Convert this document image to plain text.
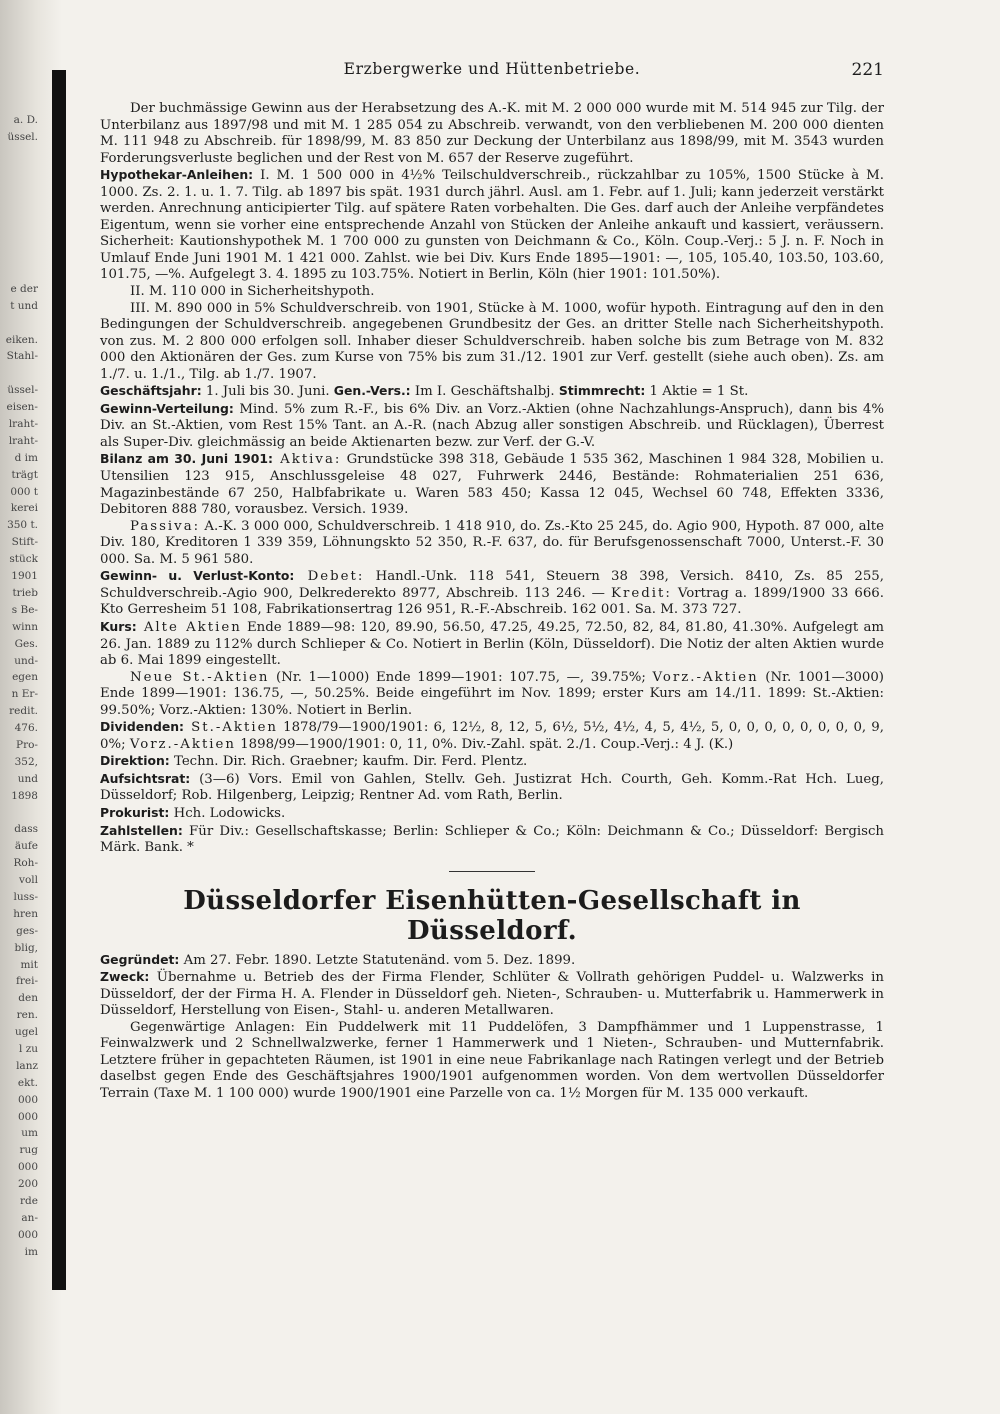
a. D.
üssel.
e der
t und
eiken.
Stahl-
üssel-
eisen-
lraht-
lraht-
d im
trägt
000 t
kerei
350 t.
Stift-
stück
1901
trieb
s Be-
winn
Ges.
und-
egen
n Er-
redit.
476.
Pro-
352,
und
1898
dass
äufe
Roh-
voll
luss-
hren
ges-
blig,
mit
frei-
den
ren.
ugel
l zu
lanz
ekt.
000
000
um
rug
000
200
rde
an-
000
im
Erzbergwerke und Hüttenbetriebe.	221

Der buchmässige Gewinn aus der Herabsetzung des A.-K. mit M. 2 000 000 wurde mit M. 514 945 zur Tilg. der Unterbilanz aus 1897/98 und mit M. 1 285 054 zu Abschreib. verwandt, von den verbliebenen M. 200 000 dienten M. 111 948 zu Abschreib. für 1898/99, M. 83 850 zur Deckung der Unterbilanz aus 1898/99, mit M. 3543 wurden Forderungsverluste beglichen und der Rest von M. 657 der Reserve zugeführt.

Hypothekar-Anleihen: I. M. 1 500 000 in 4½% Teilschuldverschreib., rückzahlbar zu 105%, 1500 Stücke à M. 1000. Zs. 2. 1. u. 1. 7. Tilg. ab 1897 bis spät. 1931 durch jährl. Ausl. am 1. Febr. auf 1. Juli; kann jederzeit verstärkt werden. Anrechnung anticipierter Tilg. auf spätere Raten vorbehalten. Die Ges. darf auch der Anleihe verpfändetes Eigentum, wenn sie vorher eine entsprechende Anzahl von Stücken der Anleihe ankauft und kassiert, veräussern. Sicherheit: Kautionshypothek M. 1 700 000 zu gunsten von Deichmann & Co., Köln. Coup.-Verj.: 5 J. n. F. Noch in Umlauf Ende Juni 1901 M. 1 421 000. Zahlst. wie bei Div. Kurs Ende 1895—1901: —, 105, 105.40, 103.50, 103.60, 101.75, —%. Aufgelegt 3. 4. 1895 zu 103.75%. Notiert in Berlin, Köln (hier 1901: 101.50%).

II. M. 110 000 in Sicherheitshypoth.

III. M. 890 000 in 5% Schuldverschreib. von 1901, Stücke à M. 1000, wofür hypoth. Eintragung auf den in den Bedingungen der Schuldverschreib. angegebenen Grundbesitz der Ges. an dritter Stelle nach Sicherheitshypoth. von zus. M. 2 800 000 erfolgen soll. Inhaber dieser Schuldverschreib. haben solche bis zum Betrage von M. 832 000 den Aktionären der Ges. zum Kurse von 75% bis zum 31./12. 1901 zur Verf. gestellt (siehe auch oben). Zs. am 1./7. u. 1./1., Tilg. ab 1./7. 1907.

Geschäftsjahr: 1. Juli bis 30. Juni. Gen.-Vers.: Im I. Geschäftshalbj. Stimmrecht: 1 Aktie = 1 St.

Gewinn-Verteilung: Mind. 5% zum R.-F., bis 6% Div. an Vorz.-Aktien (ohne Nachzahlungs-Anspruch), dann bis 4% Div. an St.-Aktien, vom Rest 15% Tant. an A.-R. (nach Abzug aller sonstigen Abschreib. und Rücklagen), Überrest als Super-Div. gleichmässig an beide Aktienarten bezw. zur Verf. der G.-V.

Bilanz am 30. Juni 1901: Aktiva: Grundstücke 398 318, Gebäude 1 535 362, Maschinen 1 984 328, Mobilien u. Utensilien 123 915, Anschlussgeleise 48 027, Fuhrwerk 2446, Bestände: Rohmaterialien 251 636, Magazinbestände 67 250, Halbfabrikate u. Waren 583 450; Kassa 12 045, Wechsel 60 748, Effekten 3336, Debitoren 888 780, vorausbez. Versich. 1939.

Passiva: A.-K. 3 000 000, Schuldverschreib. 1 418 910, do. Zs.-Kto 25 245, do. Agio 900, Hypoth. 87 000, alte Div. 180, Kreditoren 1 339 359, Löhnungskto 52 350, R.-F. 637, do. für Berufsgenossenschaft 7000, Unterst.-F. 30 000. Sa. M. 5 961 580.

Gewinn- u. Verlust-Konto: Debet: Handl.-Unk. 118 541, Steuern 38 398, Versich. 8410, Zs. 85 255, Schuldverschreib.-Agio 900, Delkrederekto 8977, Abschreib. 113 246. — Kredit: Vortrag a. 1899/1900 33 666. Kto Gerresheim 51 108, Fabrikationsertrag 126 951, R.-F.-Abschreib. 162 001. Sa. M. 373 727.

Kurs: Alte Aktien Ende 1889—98: 120, 89.90, 56.50, 47.25, 49.25, 72.50, 82, 84, 81.80, 41.30%. Aufgelegt am 26. Jan. 1889 zu 112% durch Schlieper & Co. Notiert in Berlin (Köln, Düsseldorf). Die Notiz der alten Aktien wurde ab 6. Mai 1899 eingestellt.

Neue St.-Aktien (Nr. 1—1000) Ende 1899—1901: 107.75, —, 39.75%; Vorz.-Aktien (Nr. 1001—3000) Ende 1899—1901: 136.75, —, 50.25%. Beide eingeführt im Nov. 1899; erster Kurs am 14./11. 1899: St.-Aktien: 99.50%; Vorz.-Aktien: 130%. Notiert in Berlin.

Dividenden: St.-Aktien 1878/79—1900/1901: 6, 12½, 8, 12, 5, 6½, 5½, 4½, 4, 5, 4½, 5, 0, 0, 0, 0, 0, 0, 0, 0, 9, 0%; Vorz.-Aktien 1898/99—1900/1901: 0, 11, 0%. Div.-Zahl. spät. 2./1. Coup.-Verj.: 4 J. (K.)

Direktion: Techn. Dir. Rich. Graebner; kaufm. Dir. Ferd. Plentz.

Aufsichtsrat: (3—6) Vors. Emil von Gahlen, Stellv. Geh. Justizrat Hch. Courth, Geh. Komm.-Rat Hch. Lueg, Düsseldorf; Rob. Hilgenberg, Leipzig; Rentner Ad. vom Rath, Berlin.

Prokurist: Hch. Lodowicks.

Zahlstellen: Für Div.: Gesellschaftskasse; Berlin: Schlieper & Co.; Köln: Deichmann & Co.; Düsseldorf: Bergisch Märk. Bank. *

Düsseldorfer Eisenhütten-Gesellschaft in Düsseldorf.

Gegründet: Am 27. Febr. 1890. Letzte Statutenänd. vom 5. Dez. 1899.

Zweck: Übernahme u. Betrieb des der Firma Flender, Schlüter & Vollrath gehörigen Puddel- u. Walzwerks in Düsseldorf, der der Firma H. A. Flender in Düsseldorf geh. Nieten-, Schrauben- u. Mutterfabrik u. Hammerwerk in Düsseldorf, Herstellung von Eisen-, Stahl- u. anderen Metallwaren.

Gegenwärtige Anlagen: Ein Puddelwerk mit 11 Puddelöfen, 3 Dampfhämmer und 1 Luppenstrasse, 1 Feinwalzwerk und 2 Schnellwalzwerke, ferner 1 Hammerwerk und 1 Nieten-, Schrauben- und Mutternfabrik. Letztere früher in gepachteten Räumen, ist 1901 in eine neue Fabrikanlage nach Ratingen verlegt und der Betrieb daselbst gegen Ende des Geschäftsjahres 1900/1901 aufgenommen worden. Von dem wertvollen Düsseldorfer Terrain (Taxe M. 1 100 000) wurde 1900/1901 eine Parzelle von ca. 1½ Morgen für M. 135 000 verkauft.
